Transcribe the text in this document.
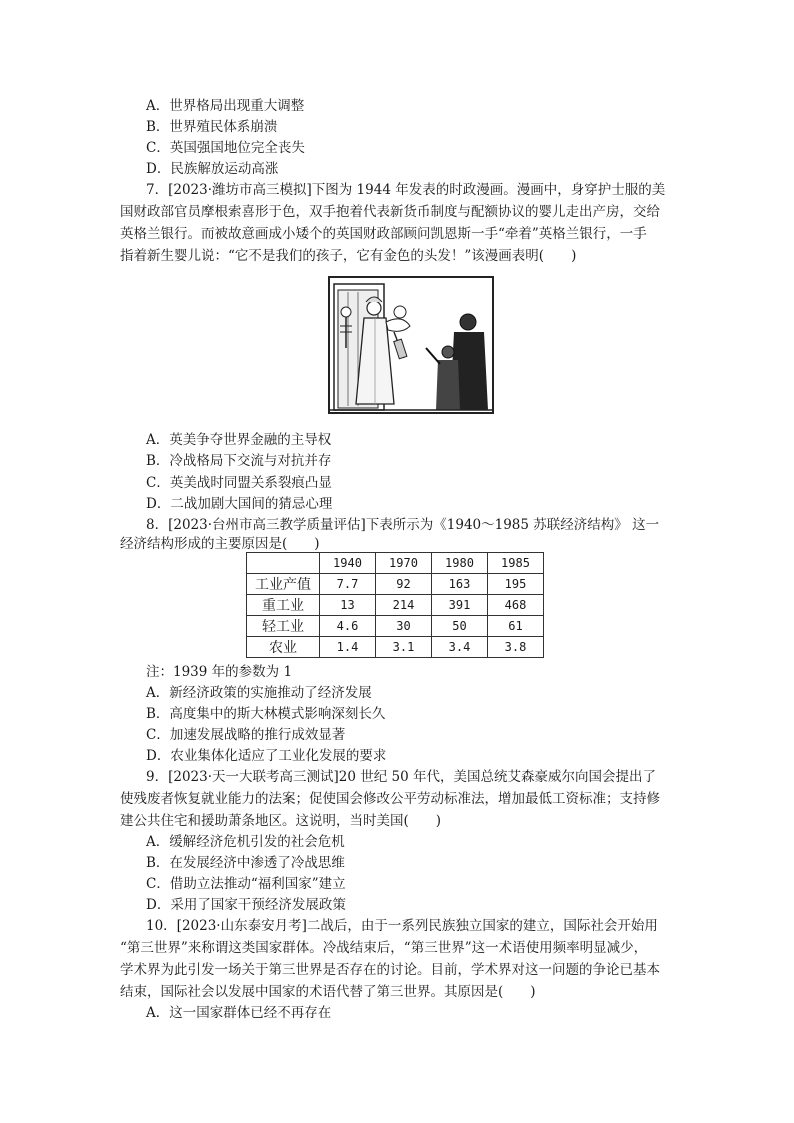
A．世界格局出现重大调整
B．世界殖民体系崩溃
C．英国强国地位完全丧失
D．民族解放运动高涨
7．[2023·潍坊市高三模拟]下图为 1944 年发表的时政漫画。漫画中，身穿护士服的美
国财政部官员摩根索喜形于色，双手抱着代表新货币制度与配额协议的婴儿走出产房，交给
英格兰银行。而被故意画成小矮个的英国财政部顾问凯恩斯一手“牵着”英格兰银行，一手
指着新生婴儿说：“它不是我们的孩子，它有金色的头发！”该漫画表明(　　)
A．英美争夺世界金融的主导权
B．冷战格局下交流与对抗并存
C．英美战时同盟关系裂痕凸显
D．二战加剧大国间的猜忌心理
8．[2023·台州市高三教学质量评估]下表所示为《1940～1985 苏联经济结构》 这一
经济结构形成的主要原因是(　　)
	1940	1970	1980	1985
工业产值	7.7	92	163	195
重工业	13	214	391	468
轻工业	4.6	30	50	61
农业	1.4	3.1	3.4	3.8
注：1939 年的参数为 1
A．新经济政策的实施推动了经济发展
B．高度集中的斯大林模式影响深刻长久
C．加速发展战略的推行成效显著
D．农业集体化适应了工业化发展的要求
9．[2023·天一大联考高三测试]20 世纪 50 年代，美国总统艾森豪威尔向国会提出了
使残废者恢复就业能力的法案；促使国会修改公平劳动标准法，增加最低工资标准；支持修
建公共住宅和援助萧条地区。这说明，当时美国(　　)
A．缓解经济危机引发的社会危机
B．在发展经济中渗透了冷战思维
C．借助立法推动“福利国家”建立
D．采用了国家干预经济发展政策
10．[2023·山东泰安月考]二战后，由于一系列民族独立国家的建立，国际社会开始用
“第三世界”来称谓这类国家群体。冷战结束后，“第三世界”这一术语使用频率明显减少，
学术界为此引发一场关于第三世界是否存在的讨论。目前，学术界对这一问题的争论已基本
结束，国际社会以发展中国家的术语代替了第三世界。其原因是(　　)
A．这一国家群体已经不再存在
